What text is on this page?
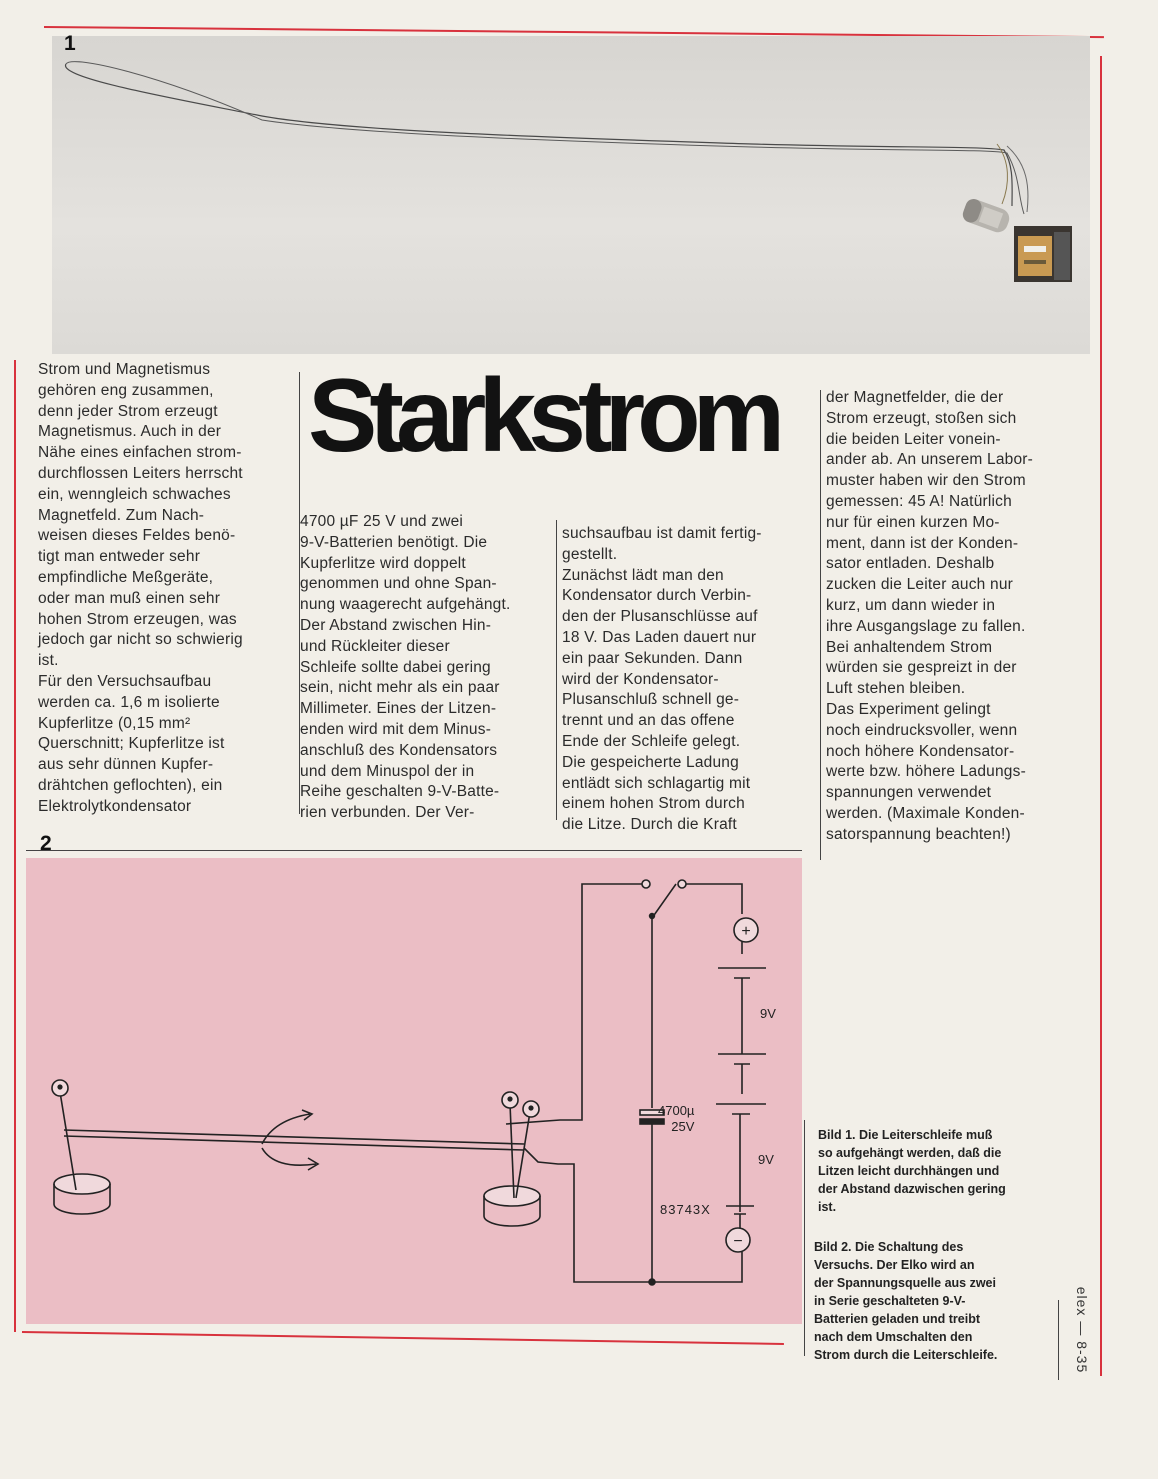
1

Strom und Magnetismus
gehören eng zusammen,
denn jeder Strom erzeugt
Magnetismus. Auch in der
Nähe eines einfachen strom-
durchflossen Leiters herrscht
ein, wenngleich schwaches
Magnetfeld. Zum Nach-
weisen dieses Feldes benö-
tigt man entweder sehr
empfindliche Meßgeräte,
oder man muß einen sehr
hohen Strom erzeugen, was
jedoch gar nicht so schwierig
ist.
Für den Versuchsaufbau
werden ca. 1,6 m isolierte
Kupferlitze (0,15 mm²
Querschnitt; Kupferlitze ist
aus sehr dünnen Kupfer-
drähtchen geflochten), ein
Elektrolytkondensator

Starkstrom

4700 µF 25 V und zwei
9-V-Batterien benötigt. Die
Kupferlitze wird doppelt
genommen und ohne Span-
nung waagerecht aufgehängt.
Der Abstand zwischen Hin-
und Rückleiter dieser
Schleife sollte dabei gering
sein, nicht mehr als ein paar
Millimeter. Eines der Litzen-
enden wird mit dem Minus-
anschluß des Kondensators
und dem Minuspol der in
Reihe geschalten 9-V-Batte-
rien verbunden. Der Ver-

suchsaufbau ist damit fertig-
gestellt.
Zunächst lädt man den
Kondensator durch Verbin-
den der Plusanschlüsse auf
18 V. Das Laden dauert nur
ein paar Sekunden. Dann
wird der Kondensator-
Plusanschluß schnell ge-
trennt und an das offene
Ende der Schleife gelegt.
Die gespeicherte Ladung
entlädt sich schlagartig mit
einem hohen Strom durch
die Litze. Durch die Kraft

der Magnetfelder, die der
Strom erzeugt, stoßen sich
die beiden Leiter vonein-
ander ab. An unserem Labor-
muster haben wir den Strom
gemessen: 45 A! Natürlich
nur für einen kurzen Mo-
ment, dann ist der Konden-
sator entladen. Deshalb
zucken die Leiter auch nur
kurz, um dann wieder in
ihre Ausgangslage zu fallen.
Bei anhaltendem Strom
würden sie gespreizt in der
Luft stehen bleiben.
Das Experiment gelingt
noch eindrucksvoller, wenn
noch höhere Kondensator-
werte bzw. höhere Ladungs-
spannungen verwendet
werden. (Maximale Konden-
satorspannung beachten!)

2
+
−
9V
9V
83743X
4700µ
25V

Bild 1. Die Leiterschleife muß
so aufgehängt werden, daß die
Litzen leicht durchhängen und
der Abstand dazwischen gering
ist.

Bild 2. Die Schaltung des
Versuchs. Der Elko wird an
der Spannungsquelle aus zwei
in Serie geschalteten 9-V-
Batterien geladen und treibt
nach dem Umschalten den
Strom durch die Leiterschleife.	elex — 8-35
